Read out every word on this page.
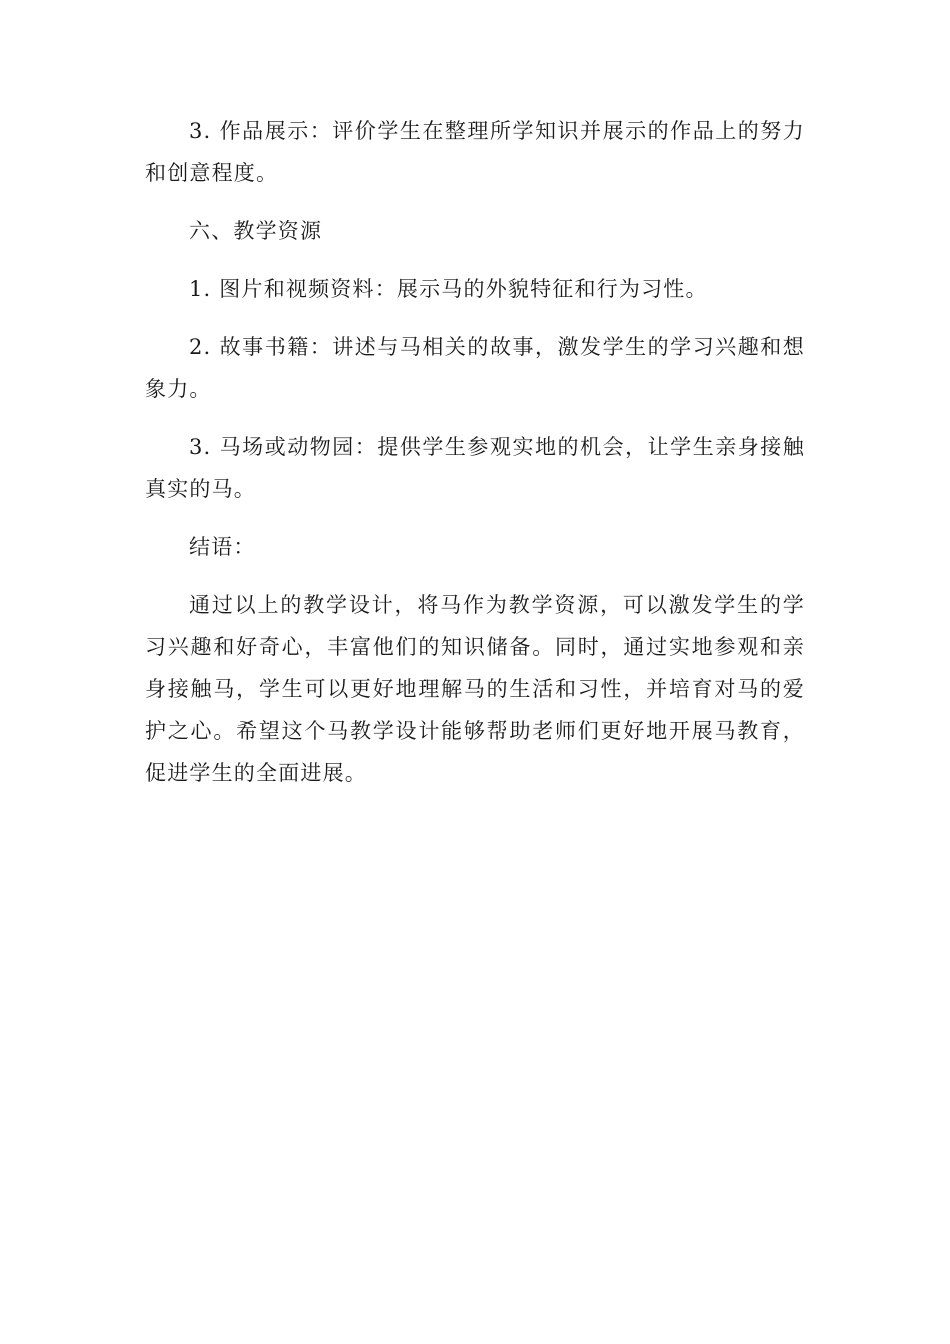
3. 作品展示：评价学生在整理所学知识并展示的作品上的努力和创意程度。

六、教学资源

1. 图片和视频资料：展示马的外貌特征和行为习性。

2. 故事书籍：讲述与马相关的故事，激发学生的学习兴趣和想象力。

3. 马场或动物园：提供学生参观实地的机会，让学生亲身接触真实的马。

结语：

通过以上的教学设计，将马作为教学资源，可以激发学生的学习兴趣和好奇心，丰富他们的知识储备。同时，通过实地参观和亲身接触马，学生可以更好地理解马的生活和习性，并培育对马的爱护之心。希望这个马教学设计能够帮助老师们更好地开展马教育，促进学生的全面进展。
